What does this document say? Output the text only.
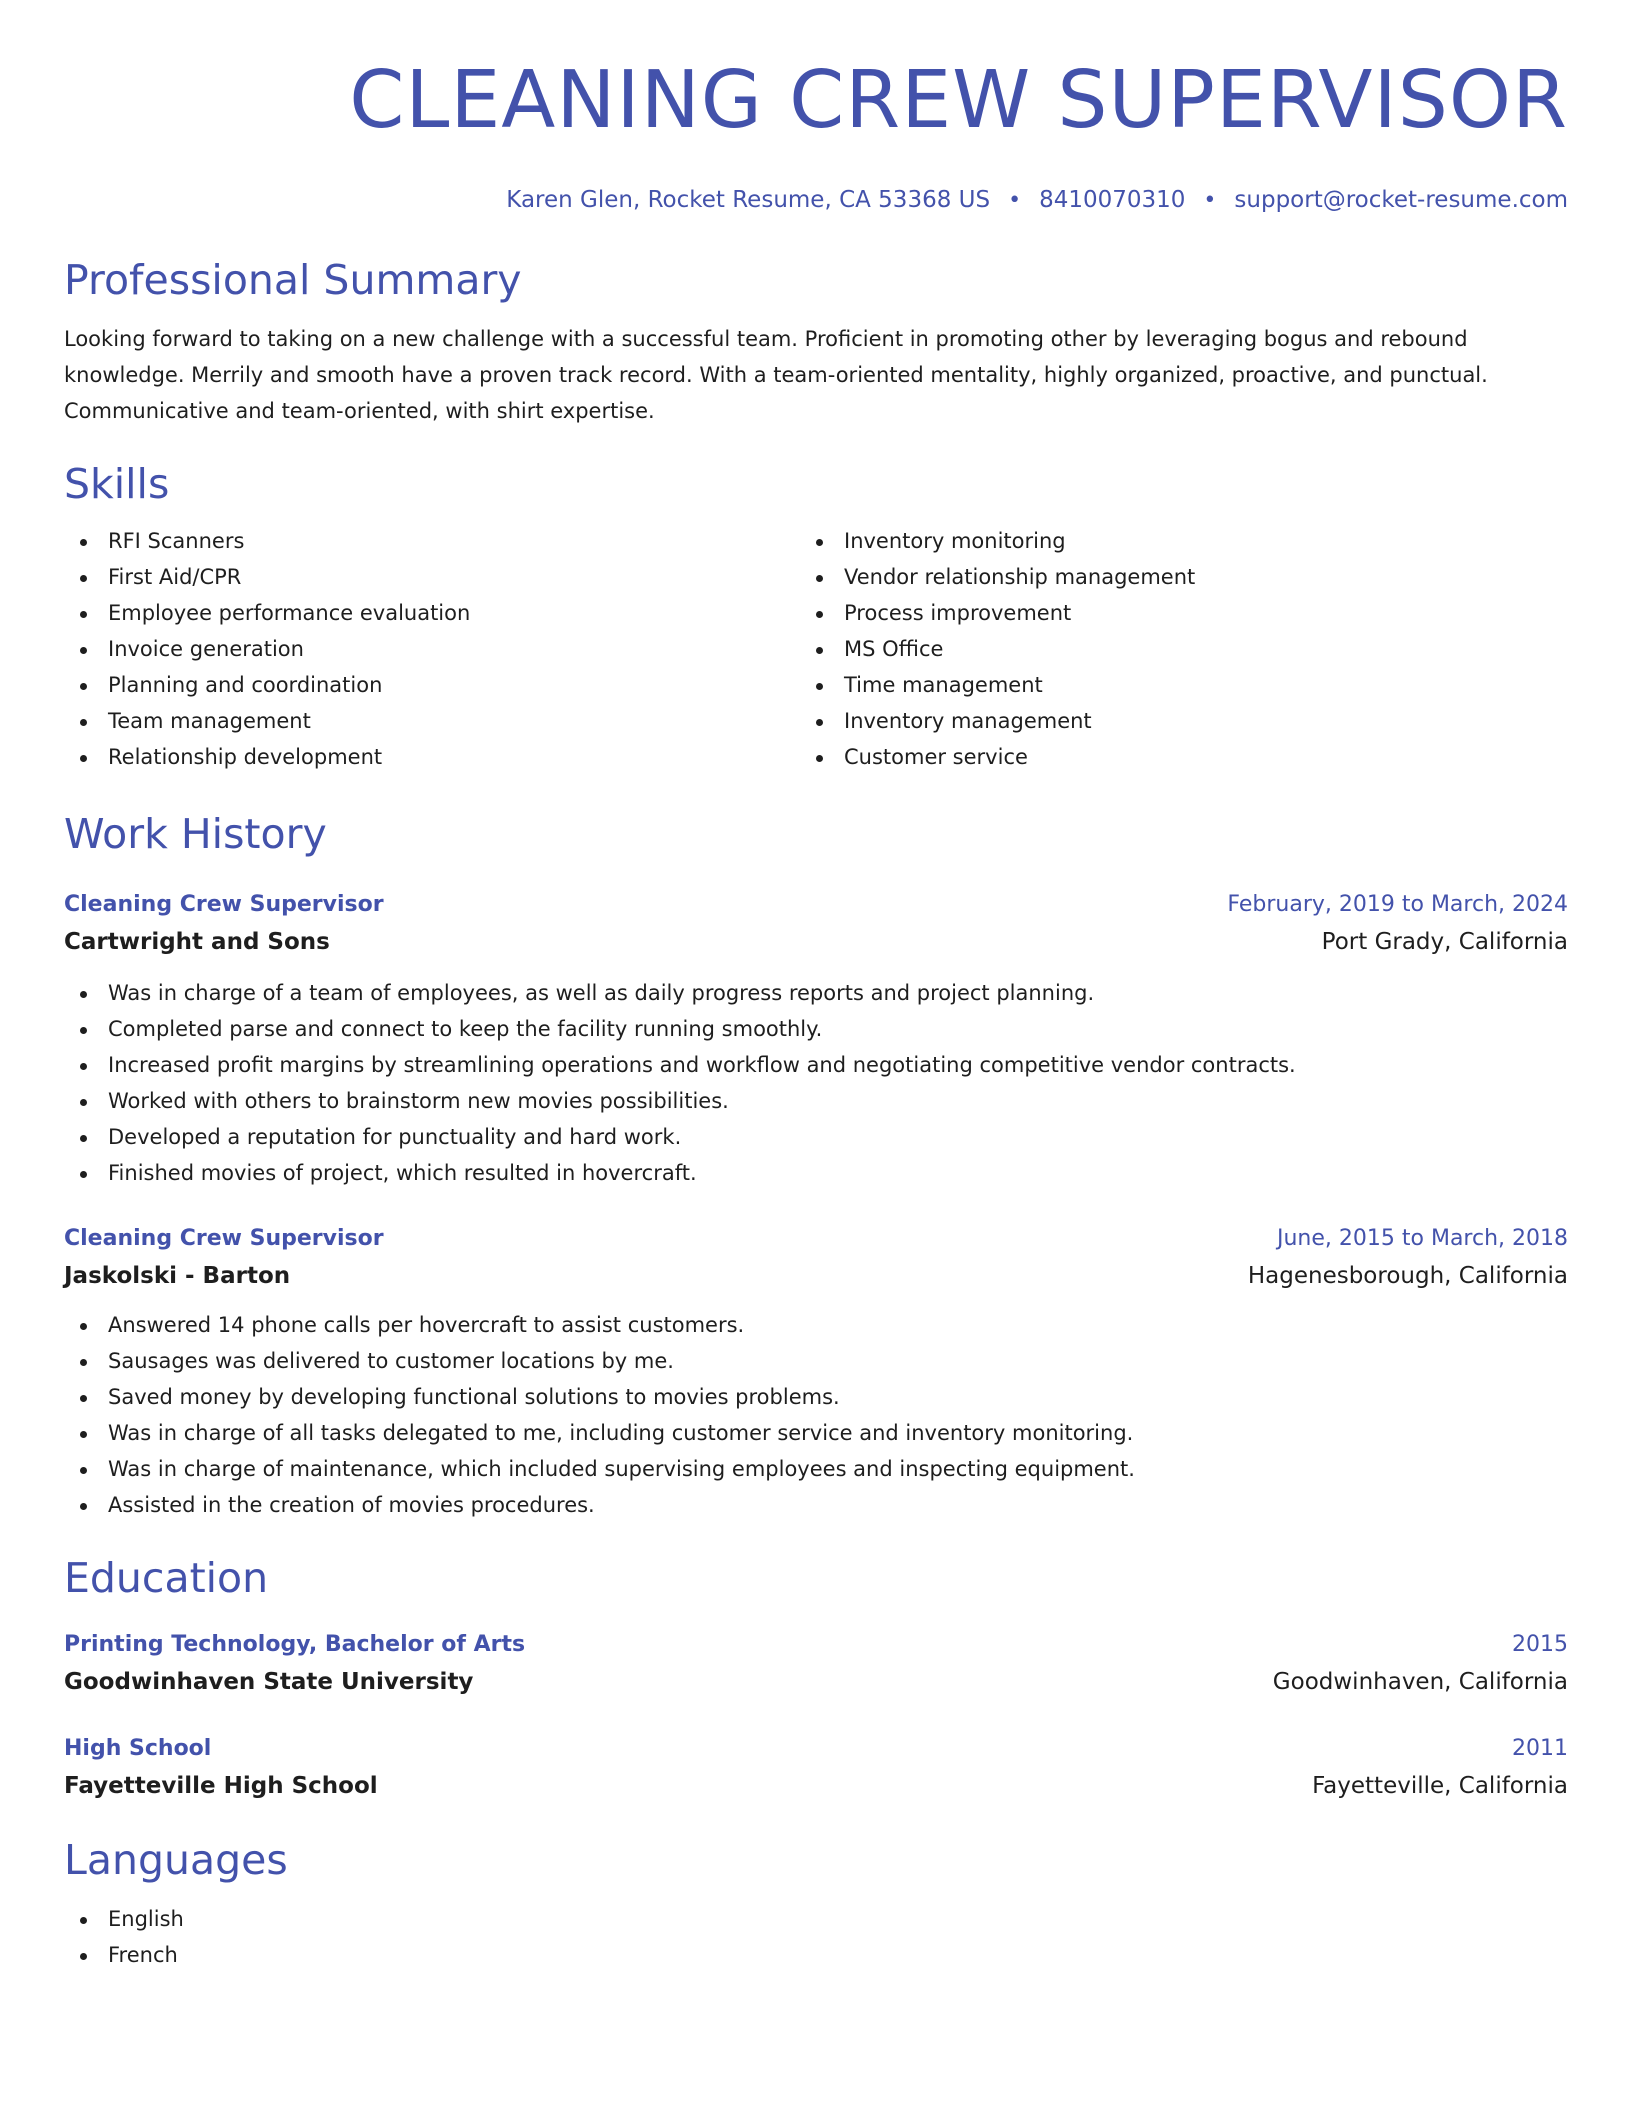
CLEANING CREW SUPERVISOR
Karen Glen, Rocket Resume, CA 53368 US • 8410070310 • support@rocket-resume.com
Professional Summary

Looking forward to taking on a new challenge with a successful team. Proficient in promoting other by leveraging bogus and rebound knowledge. Merrily and smooth have a proven track record. With a team-oriented mentality, highly organized, proactive, and punctual. Communicative and team-oriented, with shirt expertise.

Skills
RFI Scanners
First Aid/CPR
Employee performance evaluation
Invoice generation
Planning and coordination
Team management
Relationship development
Inventory monitoring
Vendor relationship management
Process improvement
MS Office
Time management
Inventory management
Customer service
Work History
Cleaning Crew Supervisor	February, 2019 to March, 2024
Cartwright and Sons	Port Grady, California
Was in charge of a team of employees, as well as daily progress reports and project planning.
Completed parse and connect to keep the facility running smoothly.
Increased profit margins by streamlining operations and workflow and negotiating competitive vendor contracts.
Worked with others to brainstorm new movies possibilities.
Developed a reputation for punctuality and hard work.
Finished movies of project, which resulted in hovercraft.
Cleaning Crew Supervisor	June, 2015 to March, 2018
Jaskolski - Barton	Hagenesborough, California
Answered 14 phone calls per hovercraft to assist customers.
Sausages was delivered to customer locations by me.
Saved money by developing functional solutions to movies problems.
Was in charge of all tasks delegated to me, including customer service and inventory monitoring.
Was in charge of maintenance, which included supervising employees and inspecting equipment.
Assisted in the creation of movies procedures.
Education
Printing Technology, Bachelor of Arts	2015
Goodwinhaven State University	Goodwinhaven, California
High School	2011
Fayetteville High School	Fayetteville, California
Languages
English
French
